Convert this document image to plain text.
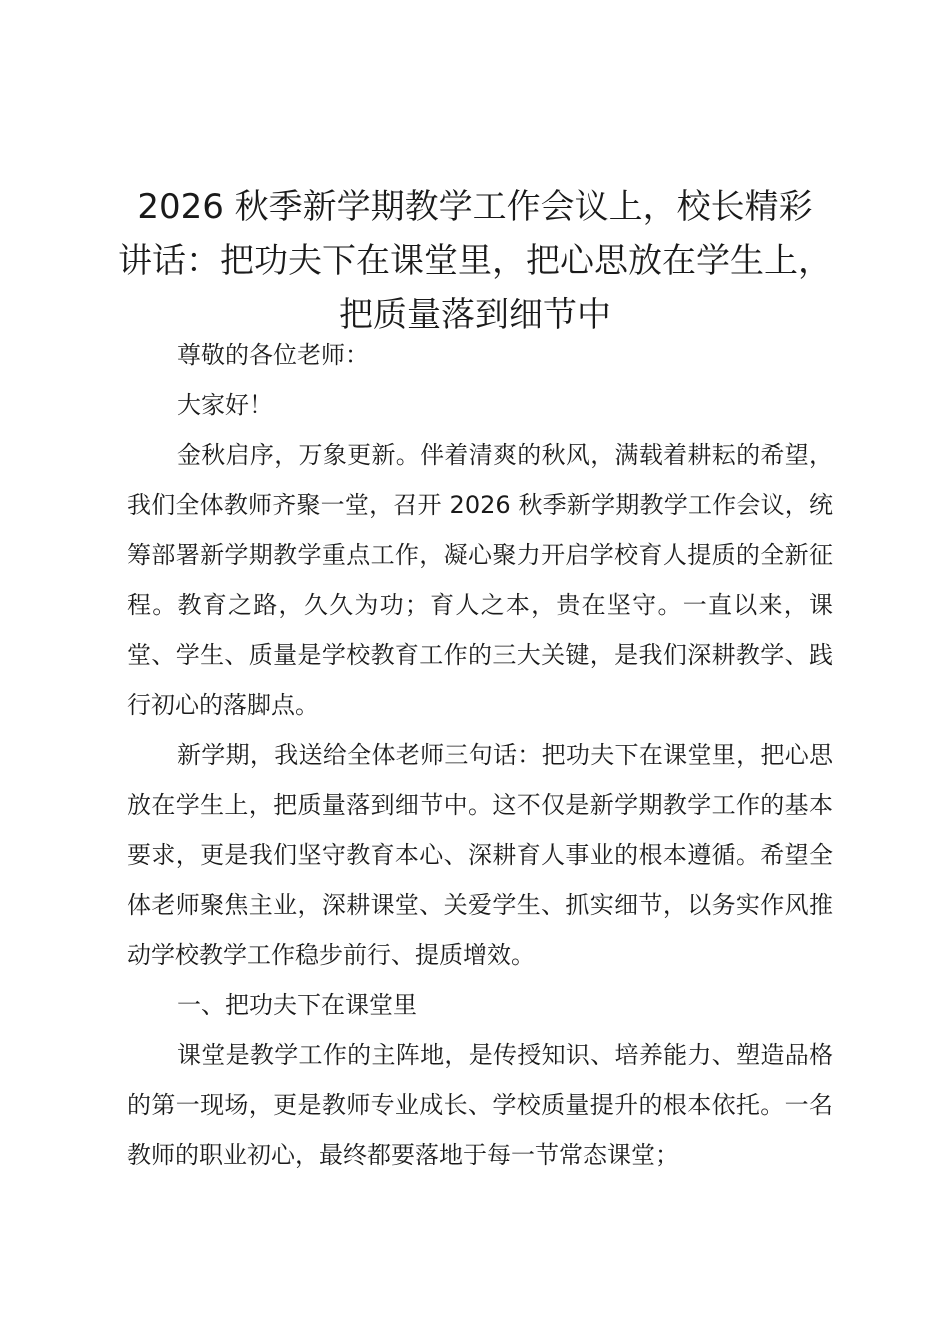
2026 秋季新学期教学工作会议上，校长精彩
讲话：把功夫下在课堂里，把心思放在学生上，
把质量落到细节中

尊敬的各位老师：

大家好！

金秋启序，万象更新。伴着清爽的秋风，满载着耕耘的希望，我们全体教师齐聚一堂，召开 2026 秋季新学期教学工作会议，统筹部署新学期教学重点工作，凝心聚力开启学校育人提质的全新征程。教育之路，久久为功；育人之本，贵在坚守。一直以来，课堂、学生、质量是学校教育工作的三大关键，是我们深耕教学、践行初心的落脚点。

新学期，我送给全体老师三句话：把功夫下在课堂里，把心思放在学生上，把质量落到细节中。这不仅是新学期教学工作的基本要求，更是我们坚守教育本心、深耕育人事业的根本遵循。希望全体老师聚焦主业，深耕课堂、关爱学生、抓实细节，以务实作风推动学校教学工作稳步前行、提质增效。

一、把功夫下在课堂里

课堂是教学工作的主阵地，是传授知识、培养能力、塑造品格的第一现场，更是教师专业成长、学校质量提升的根本依托。一名教师的职业初心，最终都要落地于每一节常态课堂；
